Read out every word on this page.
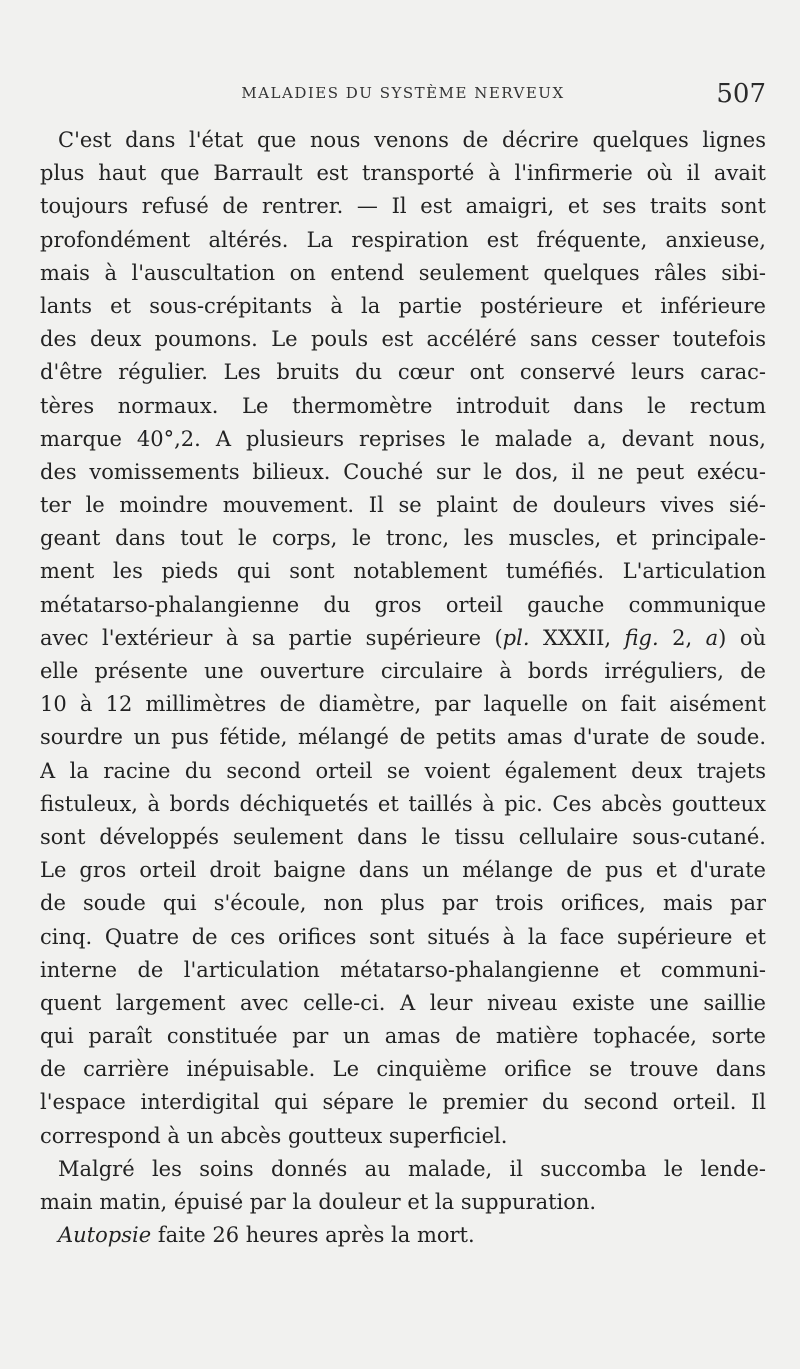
MALADIES DU SYSTÈME NERVEUX	507
C'est dans l'état que nous venons de décrire quelques lignes
plus haut que Barrault est transporté à l'infirmerie où il avait
toujours refusé de rentrer. — Il est amaigri, et ses traits sont
profondément altérés. La respiration est fréquente, anxieuse,
mais à l'auscultation on entend seulement quelques râles sibi-
lants et sous-crépitants à la partie postérieure et inférieure
des deux poumons. Le pouls est accéléré sans cesser toutefois
d'être régulier. Les bruits du cœur ont conservé leurs carac-
tères normaux. Le thermomètre introduit dans le rectum
marque 40°,2. A plusieurs reprises le malade a, devant nous,
des vomissements bilieux. Couché sur le dos, il ne peut exécu-
ter le moindre mouvement. Il se plaint de douleurs vives sié-
geant dans tout le corps, le tronc, les muscles, et principale-
ment les pieds qui sont notablement tuméfiés. L'articulation
métatarso-phalangienne du gros orteil gauche communique
avec l'extérieur à sa partie supérieure (pl. XXXII, fig. 2, a) où
elle présente une ouverture circulaire à bords irréguliers, de
10 à 12 millimètres de diamètre, par laquelle on fait aisément
sourdre un pus fétide, mélangé de petits amas d'urate de soude.
A la racine du second orteil se voient également deux trajets
fistuleux, à bords déchiquetés et taillés à pic. Ces abcès goutteux
sont développés seulement dans le tissu cellulaire sous-cutané.
Le gros orteil droit baigne dans un mélange de pus et d'urate
de soude qui s'écoule, non plus par trois orifices, mais par
cinq. Quatre de ces orifices sont situés à la face supérieure et
interne de l'articulation métatarso-phalangienne et communi-
quent largement avec celle-ci. A leur niveau existe une saillie
qui paraît constituée par un amas de matière tophacée, sorte
de carrière inépuisable. Le cinquième orifice se trouve dans
l'espace interdigital qui sépare le premier du second orteil. Il
correspond à un abcès goutteux superficiel.
Malgré les soins donnés au malade, il succomba le lende-
main matin, épuisé par la douleur et la suppuration.
Autopsie faite 26 heures après la mort.
